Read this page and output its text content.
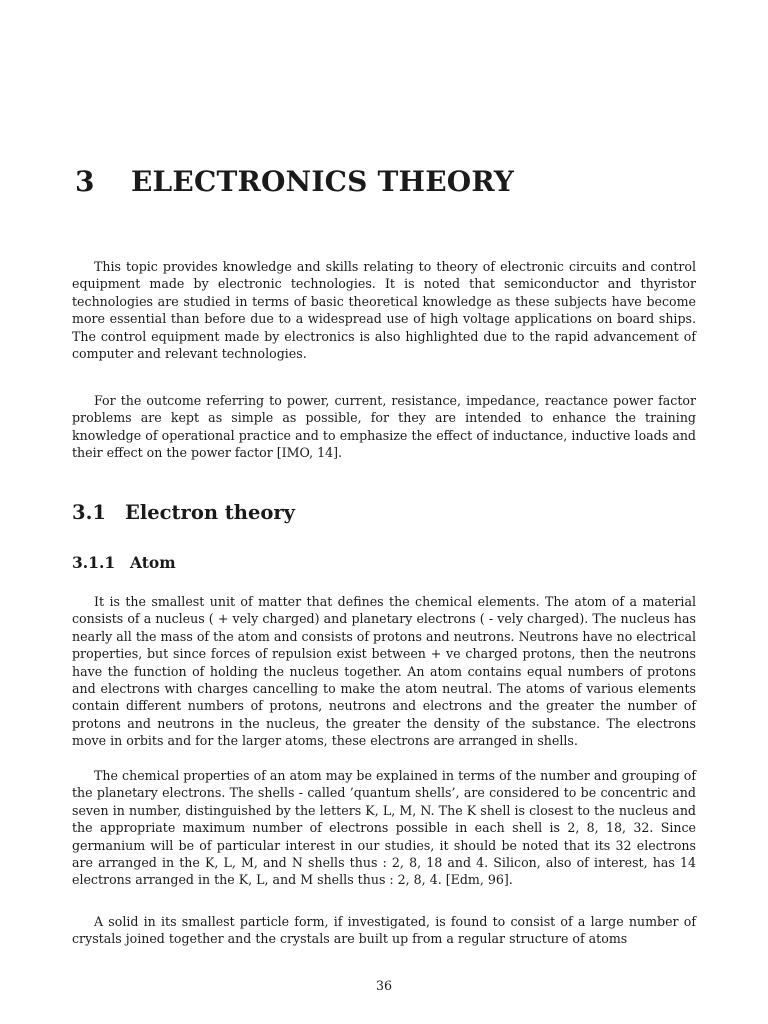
3 ELECTRONICS THEORY

This topic provides knowledge and skills relating to theory of electronic circuits and control equipment made by electronic technologies. It is noted that semiconductor and thyristor technologies are studied in terms of basic theoretical knowledge as these subjects have become more essential than before due to a widespread use of high voltage applications on board ships. The control equipment made by electronics is also highlighted due to the rapid advancement of computer and relevant technologies.

For the outcome referring to power, current, resistance, impedance, reactance power factor problems are kept as simple as possible, for they are intended to enhance the training knowledge of operational practice and to emphasize the effect of inductance, inductive loads and their effect on the power factor [IMO, 14].

3.1 Electron theory
3.1.1 Atom

It is the smallest unit of matter that defines the chemical elements. The atom of a material consists of a nucleus ( + vely charged) and planetary electrons ( - vely charged). The nucleus has nearly all the mass of the atom and consists of protons and neutrons. Neutrons have no electrical properties, but since forces of repulsion exist between + ve charged protons, then the neutrons have the function of holding the nucleus together. An atom contains equal numbers of protons and electrons with charges cancelling to make the atom neutral. The atoms of various elements contain different numbers of protons, neutrons and electrons and the greater the number of protons and neutrons in the nucleus, the greater the density of the substance. The electrons move in orbits and for the larger atoms, these electrons are arranged in shells.

The chemical properties of an atom may be explained in terms of the number and grouping of the planetary electrons. The shells - called ’quantum shells’, are considered to be concentric and seven in number, distinguished by the letters K, L, M, N. The K shell is closest to the nucleus and the appropriate maximum number of electrons possible in each shell is 2, 8, 18, 32. Since germanium will be of particular interest in our studies, it should be noted that its 32 electrons are arranged in the K, L, M, and N shells thus : 2, 8, 18 and 4. Silicon, also of interest, has 14 electrons arranged in the K, L, and M shells thus : 2, 8, 4. [Edm, 96].

A solid in its smallest particle form, if investigated, is found to consist of a large number of crystals joined together and the crystals are built up from a regular structure of atoms

36
